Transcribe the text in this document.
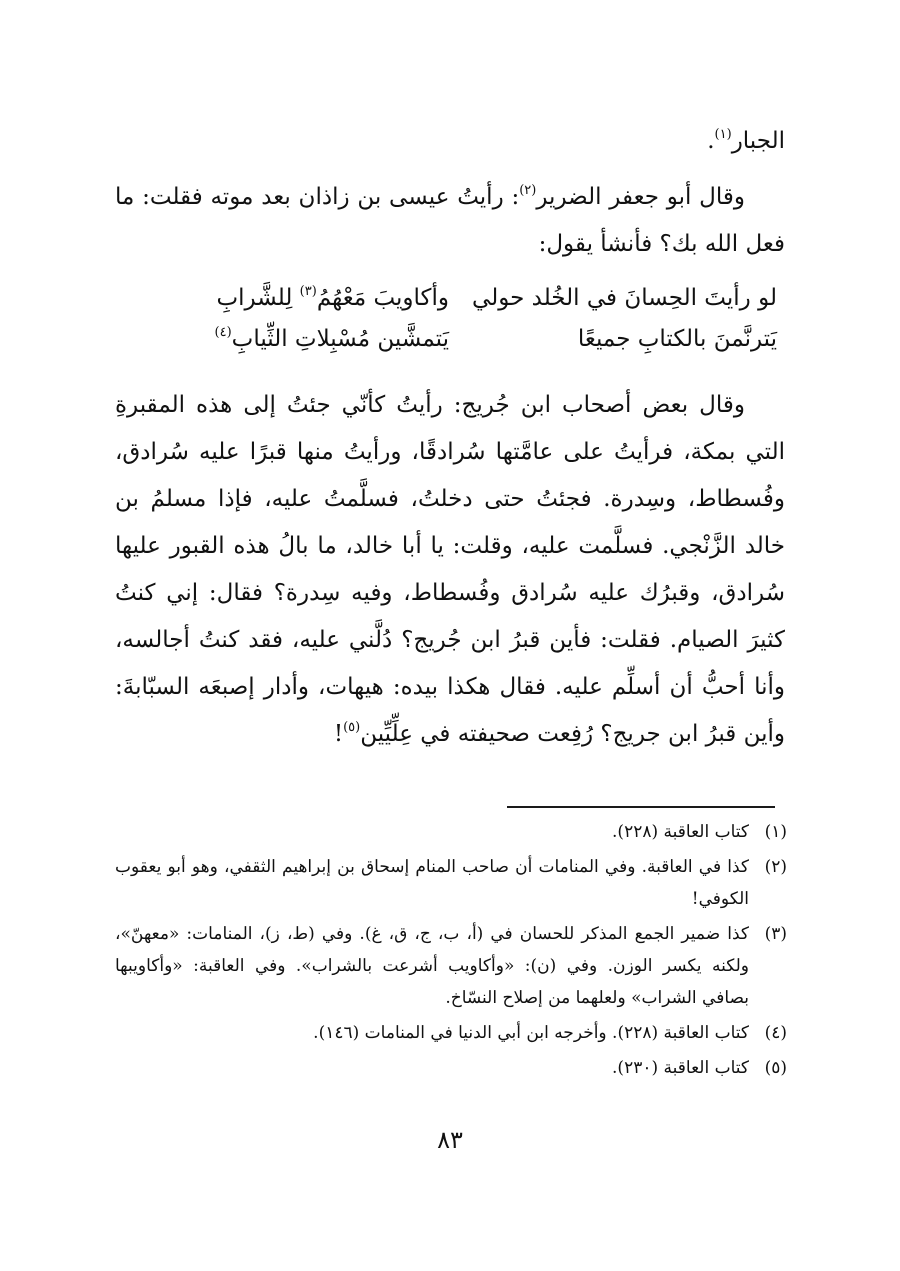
الجبار$^{(١)}$.

وقال أبو جعفر الضرير$^{(٢)}$: رأيتُ عيسى بن زاذان بعد موته فقلت: ما فعل الله بك؟ فأنشأ يقول:

لو رأيتَ الحِسانَ في الخُلد حولي
وأكاويبَ مَعْهُمُ$^{(٣)}$ لِلشَّرابِ
يَترنَّمنَ بالكتابِ جميعًا
يَتمشَّين مُسْبِلاتِ الثِّيابِ$^{(٤)}$

وقال بعض أصحاب ابن جُريج: رأيتُ كأنّي جئتُ إلى هذه المقبرةِ التي بمكة، فرأيتُ على عامَّتها سُرادقًا، ورأيتُ منها قبرًا عليه سُرادق، وفُسطاط، وسِدرة. فجئتُ حتى دخلتُ، فسلَّمتُ عليه، فإذا مسلمُ بن خالد الزَّنْجي. فسلَّمت عليه، وقلت: يا أبا خالد، ما بالُ هذه القبور عليها سُرادق، وقبرُك عليه سُرادق وفُسطاط، وفيه سِدرة؟ فقال: إني كنتُ كثيرَ الصيام. فقلت: فأين قبرُ ابن جُريج؟ دُلَّني عليه، فقد كنتُ أجالسه، وأنا أحبُّ أن أسلِّم عليه. فقال هكذا بيده: هيهات، وأدار إصبعَه السبّابةَ: وأين قبرُ ابن جريج؟ رُفِعت صحيفته في عِلِّيِّين$^{(٥)}$!

(١)
كتاب العاقبة (٢٢٨).
(٢)
كذا في العاقبة. وفي المنامات أن صاحب المنام إسحاق بن إبراهيم الثقفي، وهو أبو يعقوب الكوفي!
(٣)
كذا ضمير الجمع المذكر للحسان في (أ، ب، ج، ق، غ). وفي (ط، ز)، المنامات: «معهنّ»، ولكنه يكسر الوزن. وفي (ن): «وأكاويب أشرعت بالشراب». وفي العاقبة: «وأكاويبها بصافي الشراب» ولعلهما من إصلاح النسّاخ.
(٤)
كتاب العاقبة (٢٢٨). وأخرجه ابن أبي الدنيا في المنامات (١٤٦).
(٥)
كتاب العاقبة (٢٣٠).
٨٣
